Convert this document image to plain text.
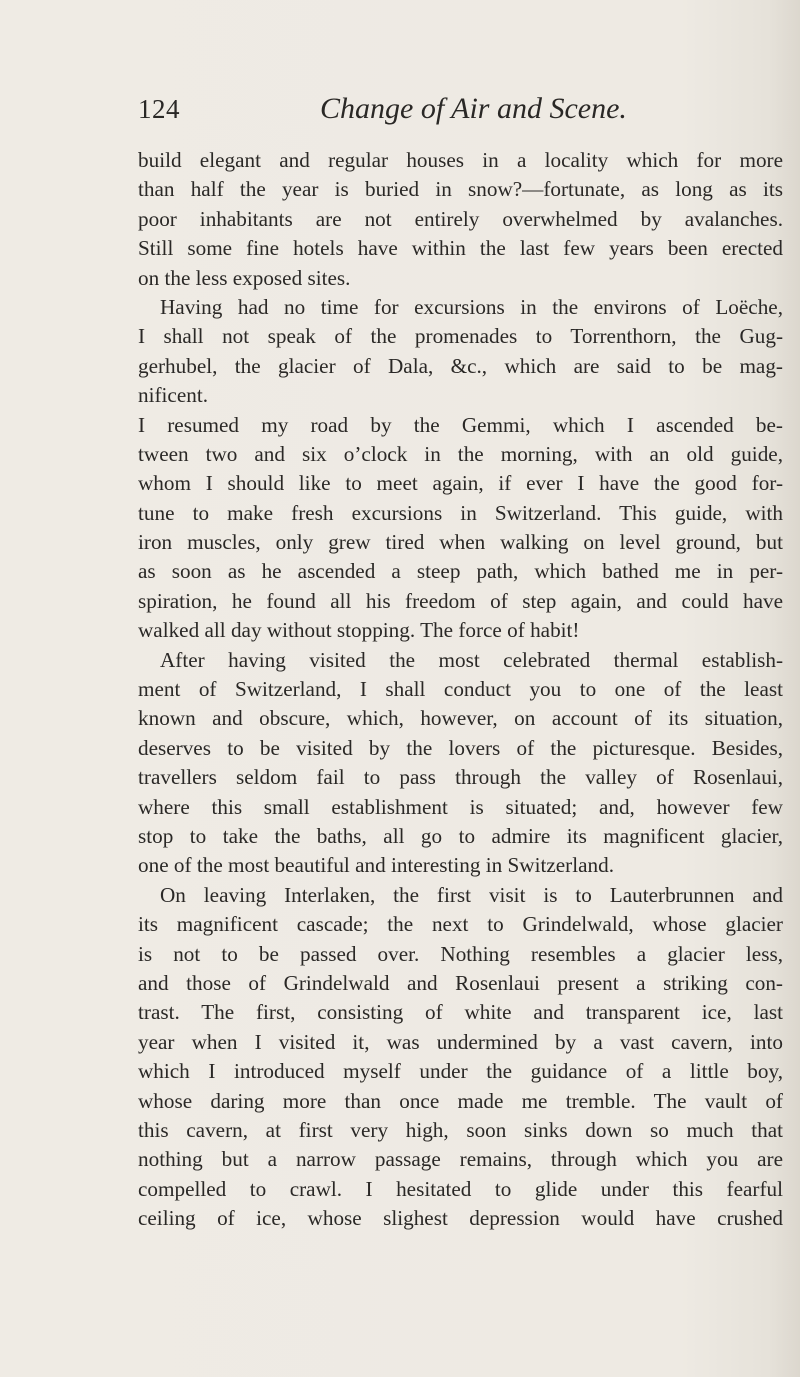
124	Change of Air and Scene.
build elegant and regular houses in a locality which for more
than half the year is buried in snow?—fortunate, as long as its
poor inhabitants are not entirely overwhelmed by avalanches.
Still some fine hotels have within the last few years been erected
on the less exposed sites.
Having had no time for excursions in the environs of Loëche,
I shall not speak of the promenades to Torrenthorn, the Gug-
gerhubel, the glacier of Dala, &c., which are said to be mag-
nificent.
I resumed my road by the Gemmi, which I ascended be-
tween two and six o’clock in the morning, with an old guide,
whom I should like to meet again, if ever I have the good for-
tune to make fresh excursions in Switzerland. This guide, with
iron muscles, only grew tired when walking on level ground, but
as soon as he ascended a steep path, which bathed me in per-
spiration, he found all his freedom of step again, and could have
walked all day without stopping. The force of habit!
After having visited the most celebrated thermal establish-
ment of Switzerland, I shall conduct you to one of the least
known and obscure, which, however, on account of its situation,
deserves to be visited by the lovers of the picturesque. Besides,
travellers seldom fail to pass through the valley of Rosenlaui,
where this small establishment is situated; and, however few
stop to take the baths, all go to admire its magnificent glacier,
one of the most beautiful and interesting in Switzerland.
On leaving Interlaken, the first visit is to Lauterbrunnen and
its magnificent cascade; the next to Grindelwald, whose glacier
is not to be passed over. Nothing resembles a glacier less,
and those of Grindelwald and Rosenlaui present a striking con-
trast. The first, consisting of white and transparent ice, last
year when I visited it, was undermined by a vast cavern, into
which I introduced myself under the guidance of a little boy,
whose daring more than once made me tremble. The vault of
this cavern, at first very high, soon sinks down so much that
nothing but a narrow passage remains, through which you are
compelled to crawl. I hesitated to glide under this fearful
ceiling of ice, whose slighest depression would have crushed
